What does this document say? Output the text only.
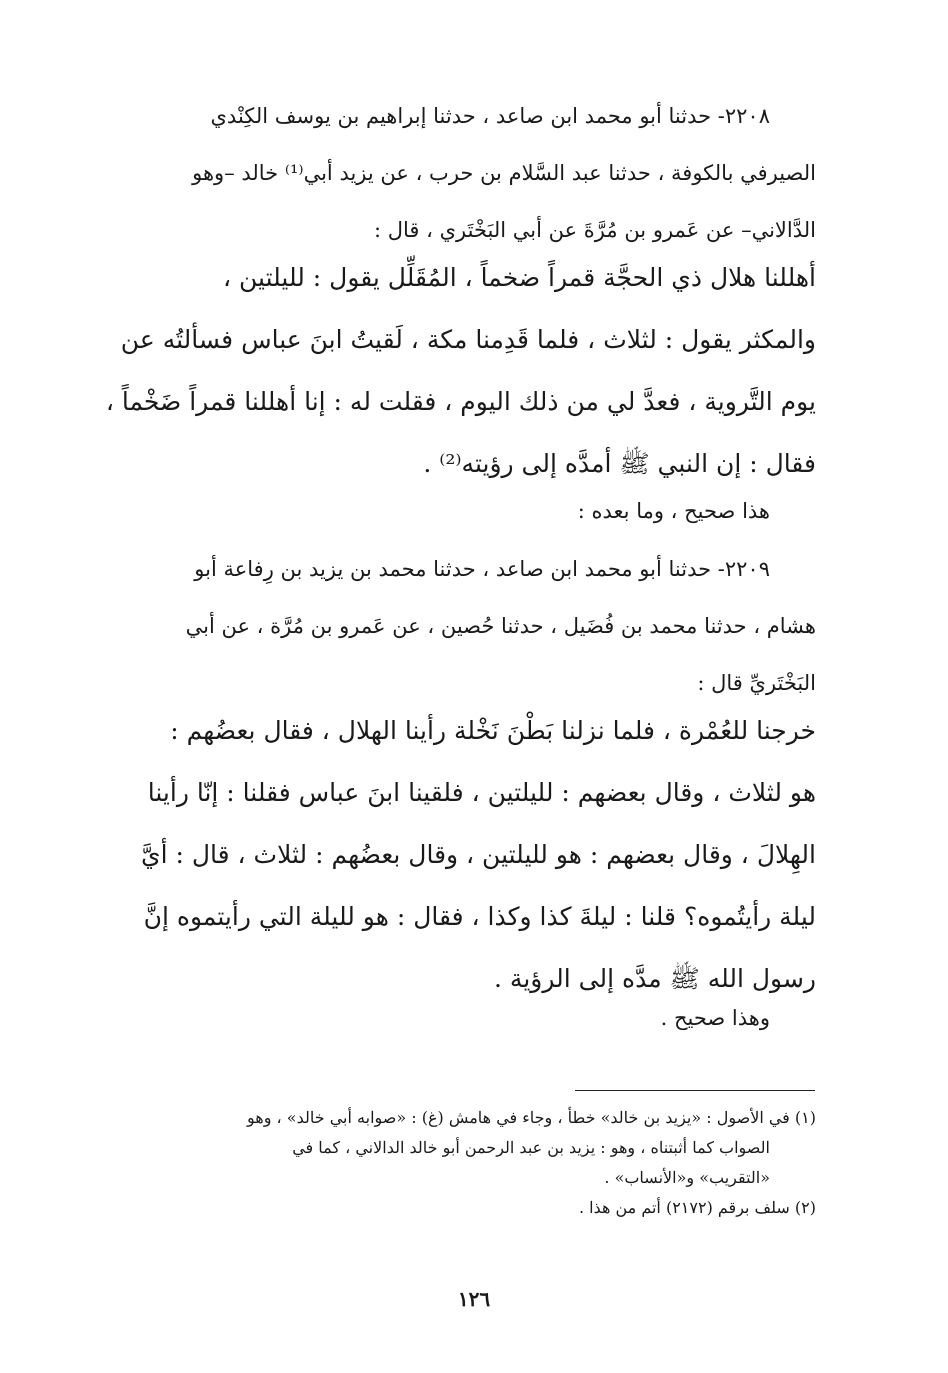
٢٢٠٨- حدثنا أبو محمد ابن صاعد ، حدثنا إبراهيم بن يوسف الكِنْدي
الصيرفي بالكوفة ، حدثنا عبد السَّلام بن حرب ، عن يزيد أبي⁽¹⁾ خالد –وهو
الدَّالاني– عن عَمرو بن مُرَّةَ عن أبي البَخْتَري ، قال :
أهللنا هلال ذي الحجَّة قمراً ضخماً ، المُقَلِّل يقول : لليلتين ،
والمكثر يقول : لثلاث ، فلما قَدِمنا مكة ، لَقيتُ ابنَ عباس فسألتُه عن
يوم التَّروية ، فعدَّ لي من ذلك اليوم ، فقلت له : إنا أهللنا قمراً ضَخْماً ،
فقال : إن النبي ﷺ أمدَّه إلى رؤيته⁽²⁾ .
هذا صحيح ، وما بعده :
٢٢٠٩- حدثنا أبو محمد ابن صاعد ، حدثنا محمد بن يزيد بن رِفاعة أبو
هشام ، حدثنا محمد بن فُضَيل ، حدثنا حُصين ، عن عَمرو بن مُرَّة ، عن أبي
البَخْتَريِّ قال :
خرجنا للعُمْرة ، فلما نزلنا بَطْنَ نَخْلة رأينا الهلال ، فقال بعضُهم :
هو لثلاث ، وقال بعضهم : لليلتين ، فلقينا ابنَ عباس فقلنا : إنّا رأينا
الهِلالَ ، وقال بعضهم : هو لليلتين ، وقال بعضُهم : لثلاث ، قال : أيَّ
ليلة رأيتُموه؟ قلنا : ليلةَ كذا وكذا ، فقال : هو لليلة التي رأيتموه إنَّ
رسول الله ﷺ مدَّه إلى الرؤية .
وهذا صحيح .
(١) في الأصول : «يزيد بن خالد» خطأ ، وجاء في هامش (غ) : «صوابه أبي خالد» ، وهو
الصواب كما أثبتناه ، وهو : يزيد بن عبد الرحمن أبو خالد الدالاني ، كما في
«التقريب» و«الأنساب» .
(٢) سلف برقم (٢١٧٢) أتم من هذا .
١٢٦
